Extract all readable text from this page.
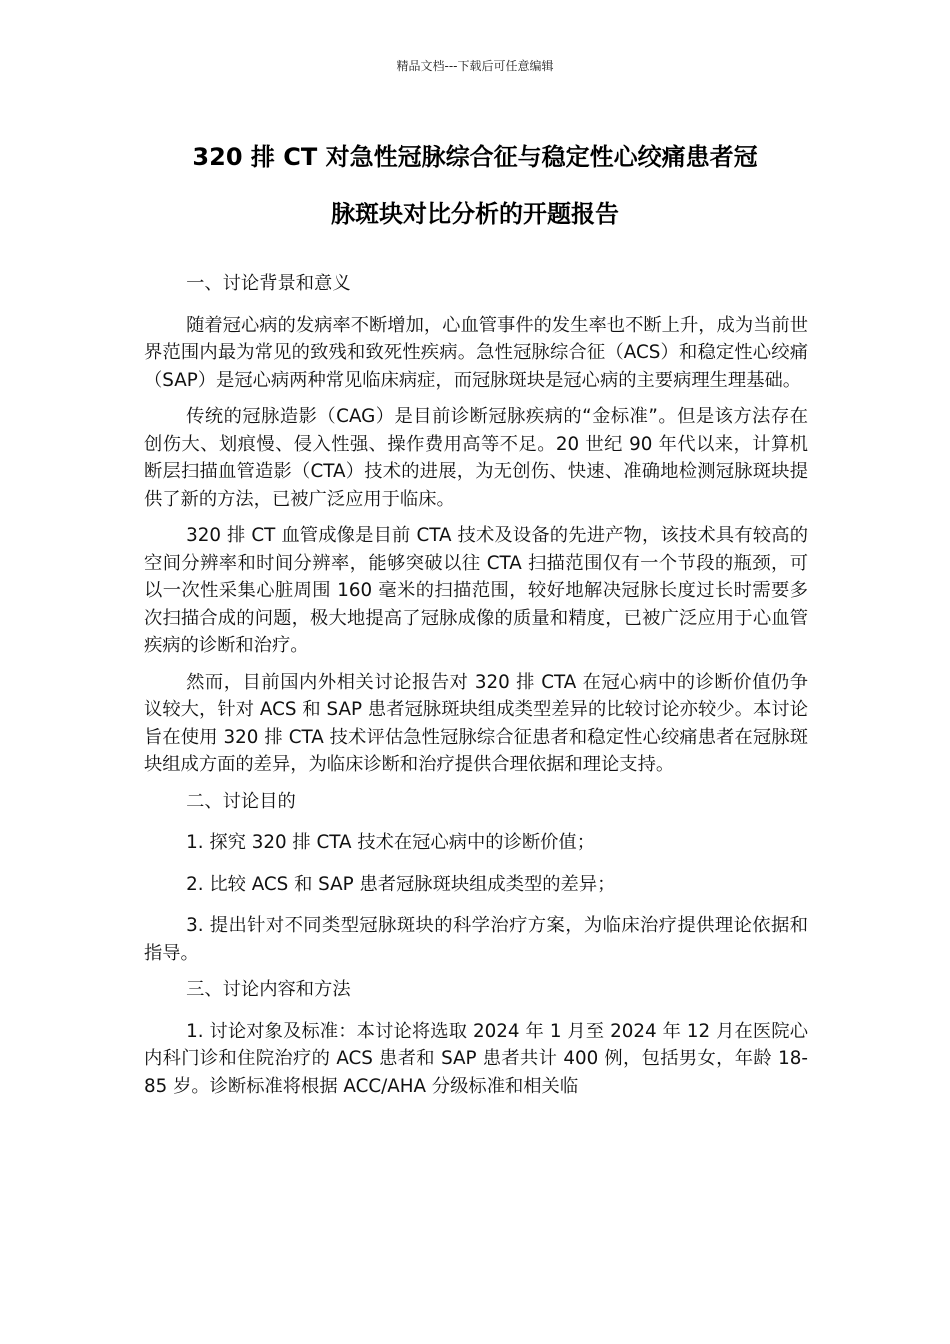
精品文档---下载后可任意编辑
320 排 CT 对急性冠脉综合征与稳定性心绞痛患者冠
脉斑块对比分析的开题报告

一、讨论背景和意义

随着冠心病的发病率不断增加，心血管事件的发生率也不断上升，成为当前世界范围内最为常见的致残和致死性疾病。急性冠脉综合征（ACS）和稳定性心绞痛（SAP）是冠心病两种常见临床病症，而冠脉斑块是冠心病的主要病理生理基础。

传统的冠脉造影（CAG）是目前诊断冠脉疾病的“金标准”。但是该方法存在创伤大、划痕慢、侵入性强、操作费用高等不足。20 世纪 90 年代以来，计算机断层扫描血管造影（CTA）技术的进展，为无创伤、快速、准确地检测冠脉斑块提供了新的方法，已被广泛应用于临床。

320 排 CT 血管成像是目前 CTA 技术及设备的先进产物，该技术具有较高的空间分辨率和时间分辨率，能够突破以往 CTA 扫描范围仅有一个节段的瓶颈，可以一次性采集心脏周围 160 毫米的扫描范围，较好地解决冠脉长度过长时需要多次扫描合成的问题，极大地提高了冠脉成像的质量和精度，已被广泛应用于心血管疾病的诊断和治疗。

然而，目前国内外相关讨论报告对 320 排 CTA 在冠心病中的诊断价值仍争议较大，针对 ACS 和 SAP 患者冠脉斑块组成类型差异的比较讨论亦较少。本讨论旨在使用 320 排 CTA 技术评估急性冠脉综合征患者和稳定性心绞痛患者在冠脉斑块组成方面的差异，为临床诊断和治疗提供合理依据和理论支持。

二、讨论目的

1. 探究 320 排 CTA 技术在冠心病中的诊断价值；

2. 比较 ACS 和 SAP 患者冠脉斑块组成类型的差异；

3. 提出针对不同类型冠脉斑块的科学治疗方案，为临床治疗提供理论依据和指导。

三、讨论内容和方法

1. 讨论对象及标准：本讨论将选取 2024 年 1 月至 2024 年 12 月在医院心内科门诊和住院治疗的 ACS 患者和 SAP 患者共计 400 例，包括男女，年龄 18-85 岁。诊断标准将根据 ACC/AHA 分级标准和相关临
